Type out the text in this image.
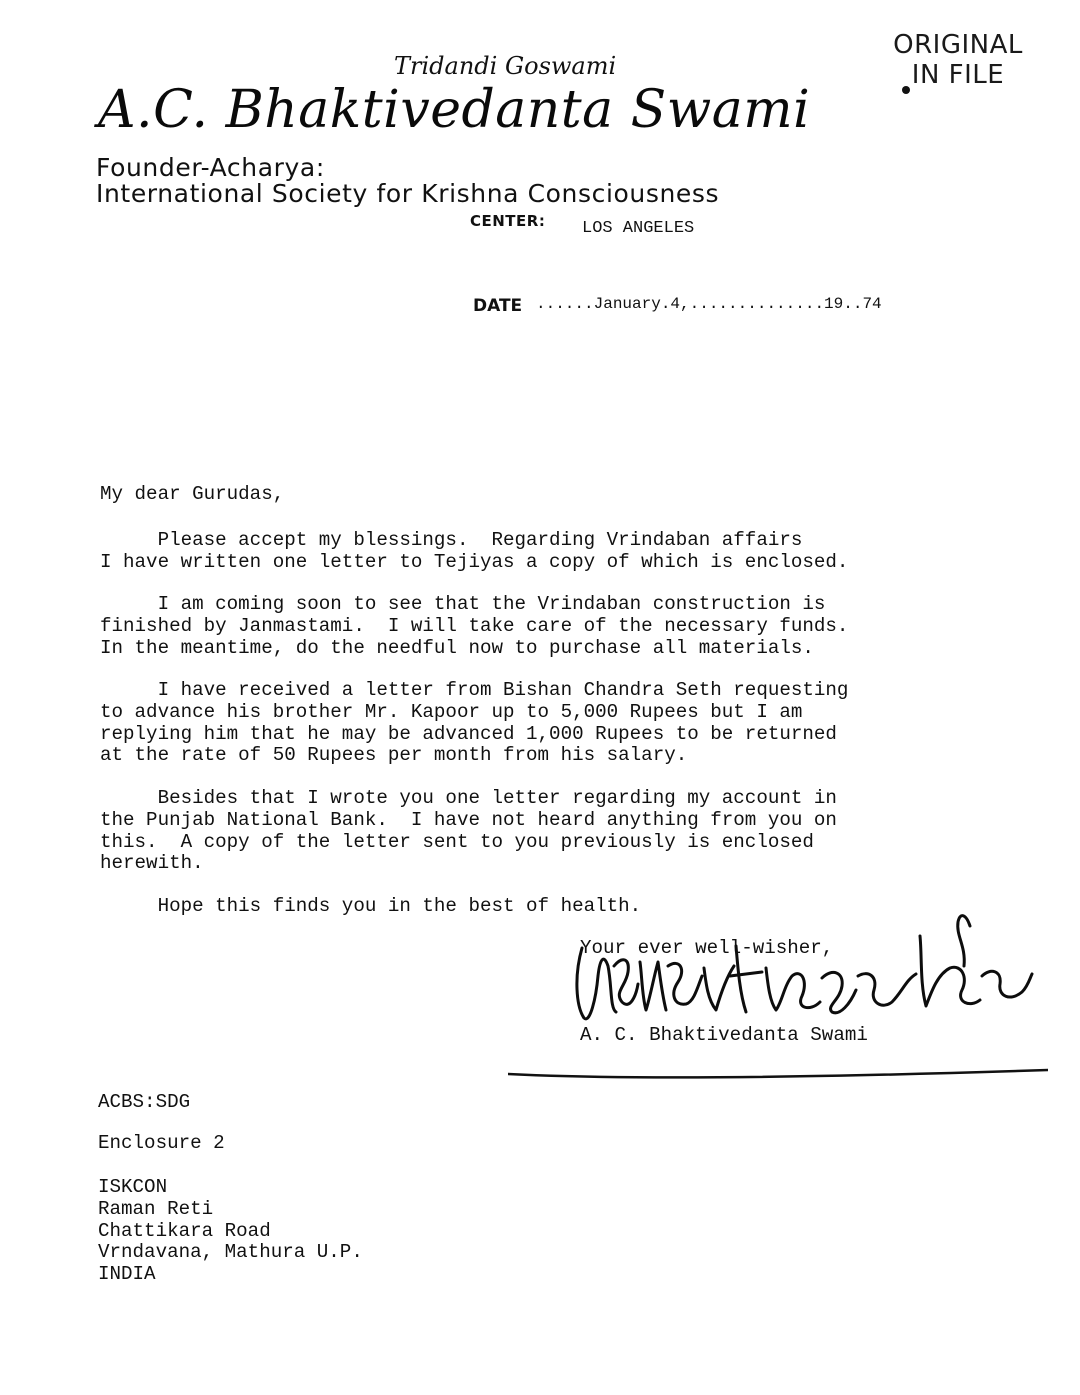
ORIGINAL
IN FILE
Tridandi Goswami
A.C. Bhaktivedanta Swami
Founder-Acharya:
International Society for Krishna Consciousness
CENTER: LOS ANGELES
DATE ......January.4,..............19..74
My dear Gurudas,
Please accept my blessings.  Regarding Vrindaban affairs
I have written one letter to Tejiyas a copy of which is enclosed.
I am coming soon to see that the Vrindaban construction is
finished by Janmastami.  I will take care of the necessary funds.
In the meantime, do the needful now to purchase all materials.
I have received a letter from Bishan Chandra Seth requesting
to advance his brother Mr. Kapoor up to 5,000 Rupees but I am
replying him that he may be advanced 1,000 Rupees to be returned
at the rate of 50 Rupees per month from his salary.
Besides that I wrote you one letter regarding my account in
the Punjab National Bank.  I have not heard anything from you on
this.  A copy of the letter sent to you previously is enclosed
herewith.
Hope this finds you in the best of health.
Your ever well-wisher,
A. C. Bhaktivedanta Swami
ACBS:SDG
Enclosure 2
ISKCON
Raman Reti
Chattikara Road
Vrndavana, Mathura U.P.
INDIA
